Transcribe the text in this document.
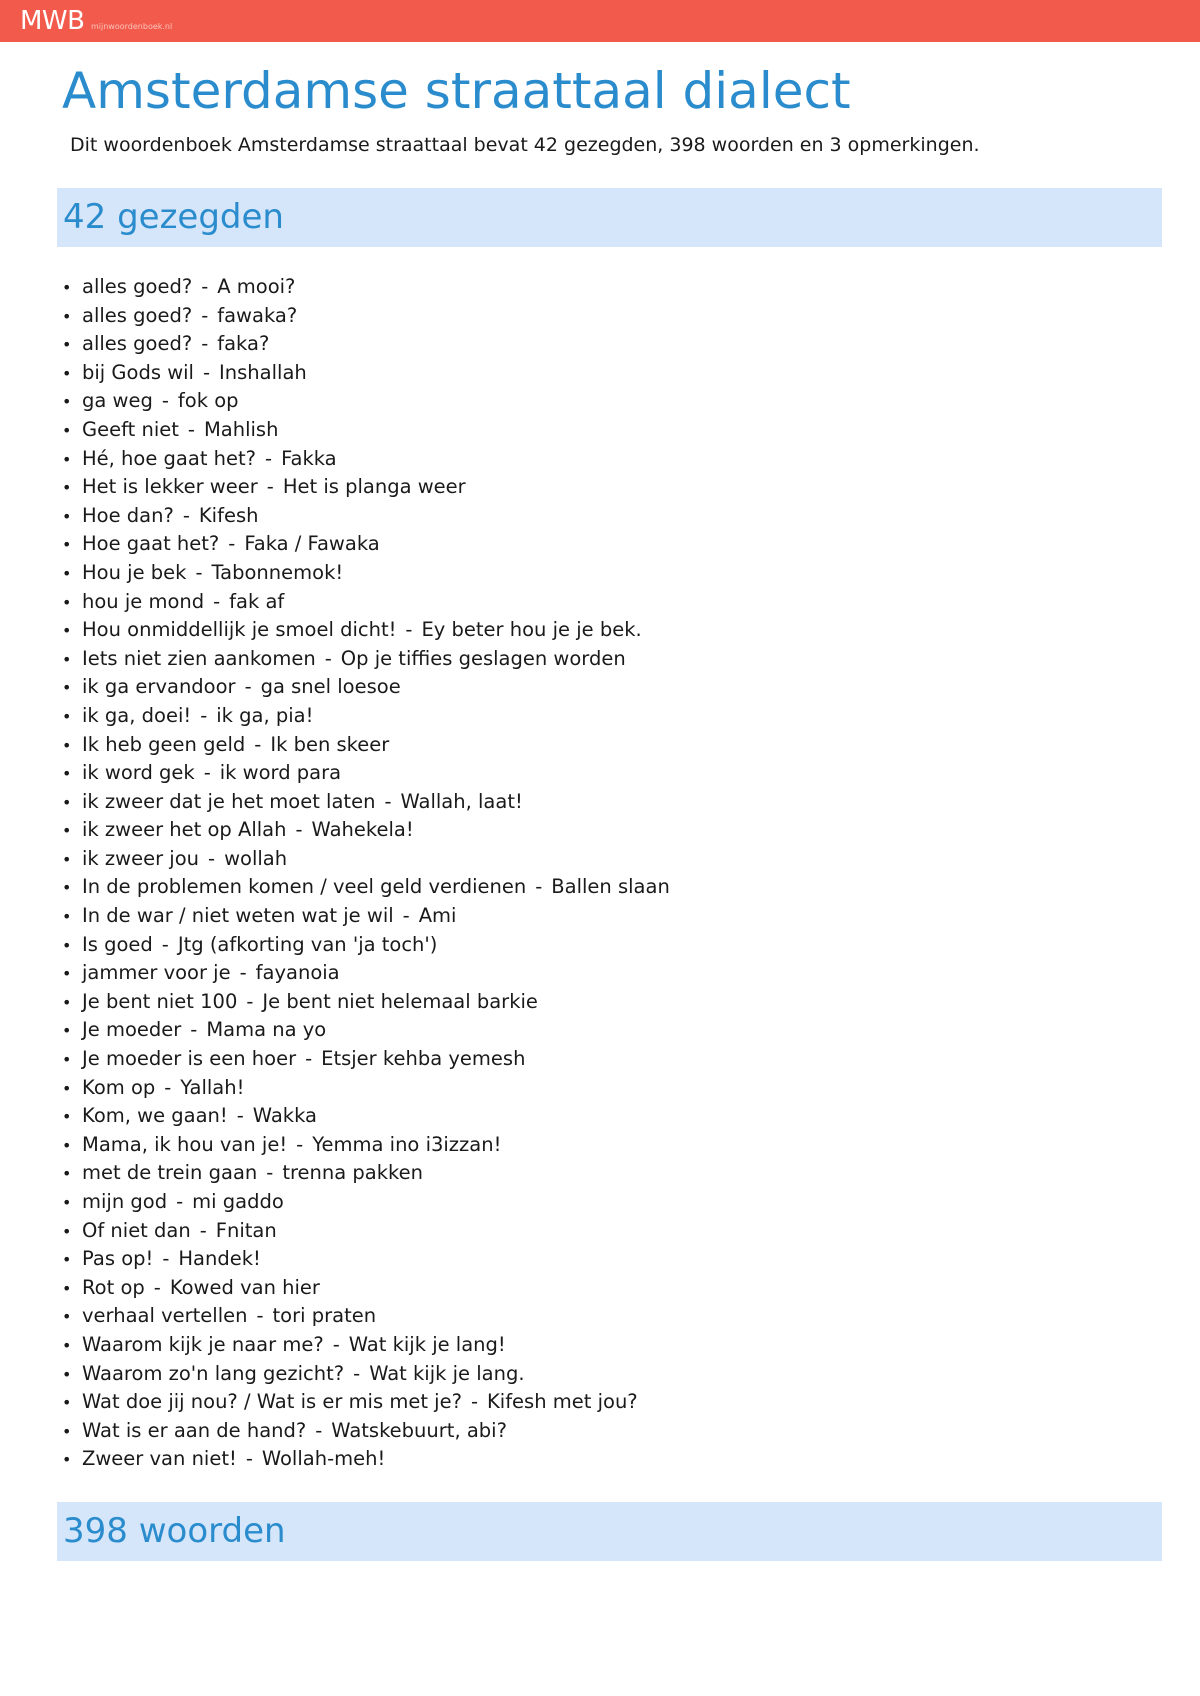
MWB mijnwoordenboek.nl
Amsterdamse straattaal dialect

Dit woordenboek Amsterdamse straattaal bevat 42 gezegden, 398 woorden en 3 opmerkingen.

42 gezegden
• alles goed? - A mooi?
• alles goed? - fawaka?
• alles goed? - faka?
• bij Gods wil - Inshallah
• ga weg - fok op
• Geeft niet - Mahlish
• Hé, hoe gaat het? - Fakka
• Het is lekker weer - Het is planga weer
• Hoe dan? - Kifesh
• Hoe gaat het? - Faka / Fawaka
• Hou je bek - Tabonnemok!
• hou je mond - fak af
• Hou onmiddellijk je smoel dicht! - Ey beter hou je je bek.
• Iets niet zien aankomen - Op je tiffies geslagen worden
• ik ga ervandoor - ga snel loesoe
• ik ga, doei! - ik ga, pia!
• Ik heb geen geld - Ik ben skeer
• ik word gek - ik word para
• ik zweer dat je het moet laten - Wallah, laat!
• ik zweer het op Allah - Wahekela!
• ik zweer jou - wollah
• In de problemen komen / veel geld verdienen - Ballen slaan
• In de war / niet weten wat je wil - Ami
• Is goed - Jtg (afkorting van 'ja toch')
• jammer voor je - fayanoia
• Je bent niet 100 - Je bent niet helemaal barkie
• Je moeder - Mama na yo
• Je moeder is een hoer - Etsjer kehba yemesh
• Kom op - Yallah!
• Kom, we gaan! - Wakka
• Mama, ik hou van je! - Yemma ino i3izzan!
• met de trein gaan - trenna pakken
• mijn god - mi gaddo
• Of niet dan - Fnitan
• Pas op! - Handek!
• Rot op - Kowed van hier
• verhaal vertellen - tori praten
• Waarom kijk je naar me? - Wat kijk je lang!
• Waarom zo'n lang gezicht? - Wat kijk je lang.
• Wat doe jij nou? / Wat is er mis met je? - Kifesh met jou?
• Wat is er aan de hand? - Watskebuurt, abi?
• Zweer van niet! - Wollah-meh!
398 woorden
